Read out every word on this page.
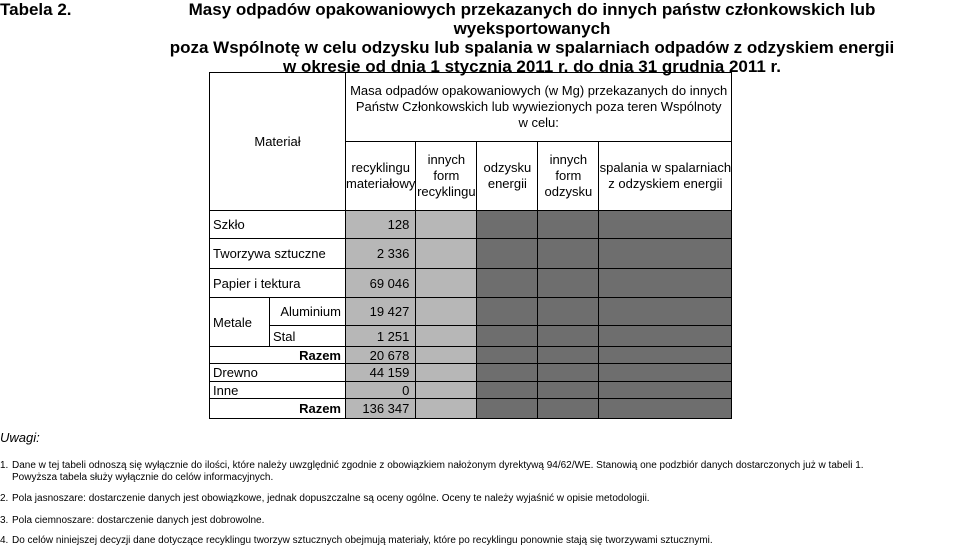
Tabela 2.	Masy odpadów opakowaniowych przekazanych do innych państw członkowskich lub wyeksportowanych
poza Wspólnotę w celu odzysku lub spalania w spalarniach odpadów z odzyskiem energii
w okresie od dnia 1 stycznia 2011 r. do dnia 31 grudnia 2011 r.
Materiał		Masa odpadów opakowaniowych (w Mg) przekazanych do innych Państw Członkowskich lub wywiezionych poza teren Wspólnoty w celu:				
		recyklingu materiałowy	innych form recyklingu	odzysku energii	innych form odzysku	spalania w spalarniach z odzyskiem energii
Szkło		128				
Tworzywa sztuczne		2 336				
Papier i tektura		69 046				
Metale	Aluminium	19 427				
	Stal	1 251				
Razem		20 678				
Drewno		44 159				
Inne		0				
Razem		136 347				
Uwagi:
1. Dane w tej tabeli odnoszą się wyłącznie do ilości, które należy uwzględnić zgodnie z obowiązkiem nałożonym dyrektywą 94/62/WE. Stanowią one podzbiór danych dostarczonych już w tabeli 1.
Powyższa tabela służy wyłącznie do celów informacyjnych.
2. Pola jasnoszare: dostarczenie danych jest obowiązkowe, jednak dopuszczalne są oceny ogólne. Oceny te należy wyjaśnić w opisie metodologii.
3. Pola ciemnoszare: dostarczenie danych jest dobrowolne.
4. Do celów niniejszej decyzji dane dotyczące recyklingu tworzyw sztucznych obejmują materiały, które po recyklingu ponownie stają się tworzywami sztucznymi.
